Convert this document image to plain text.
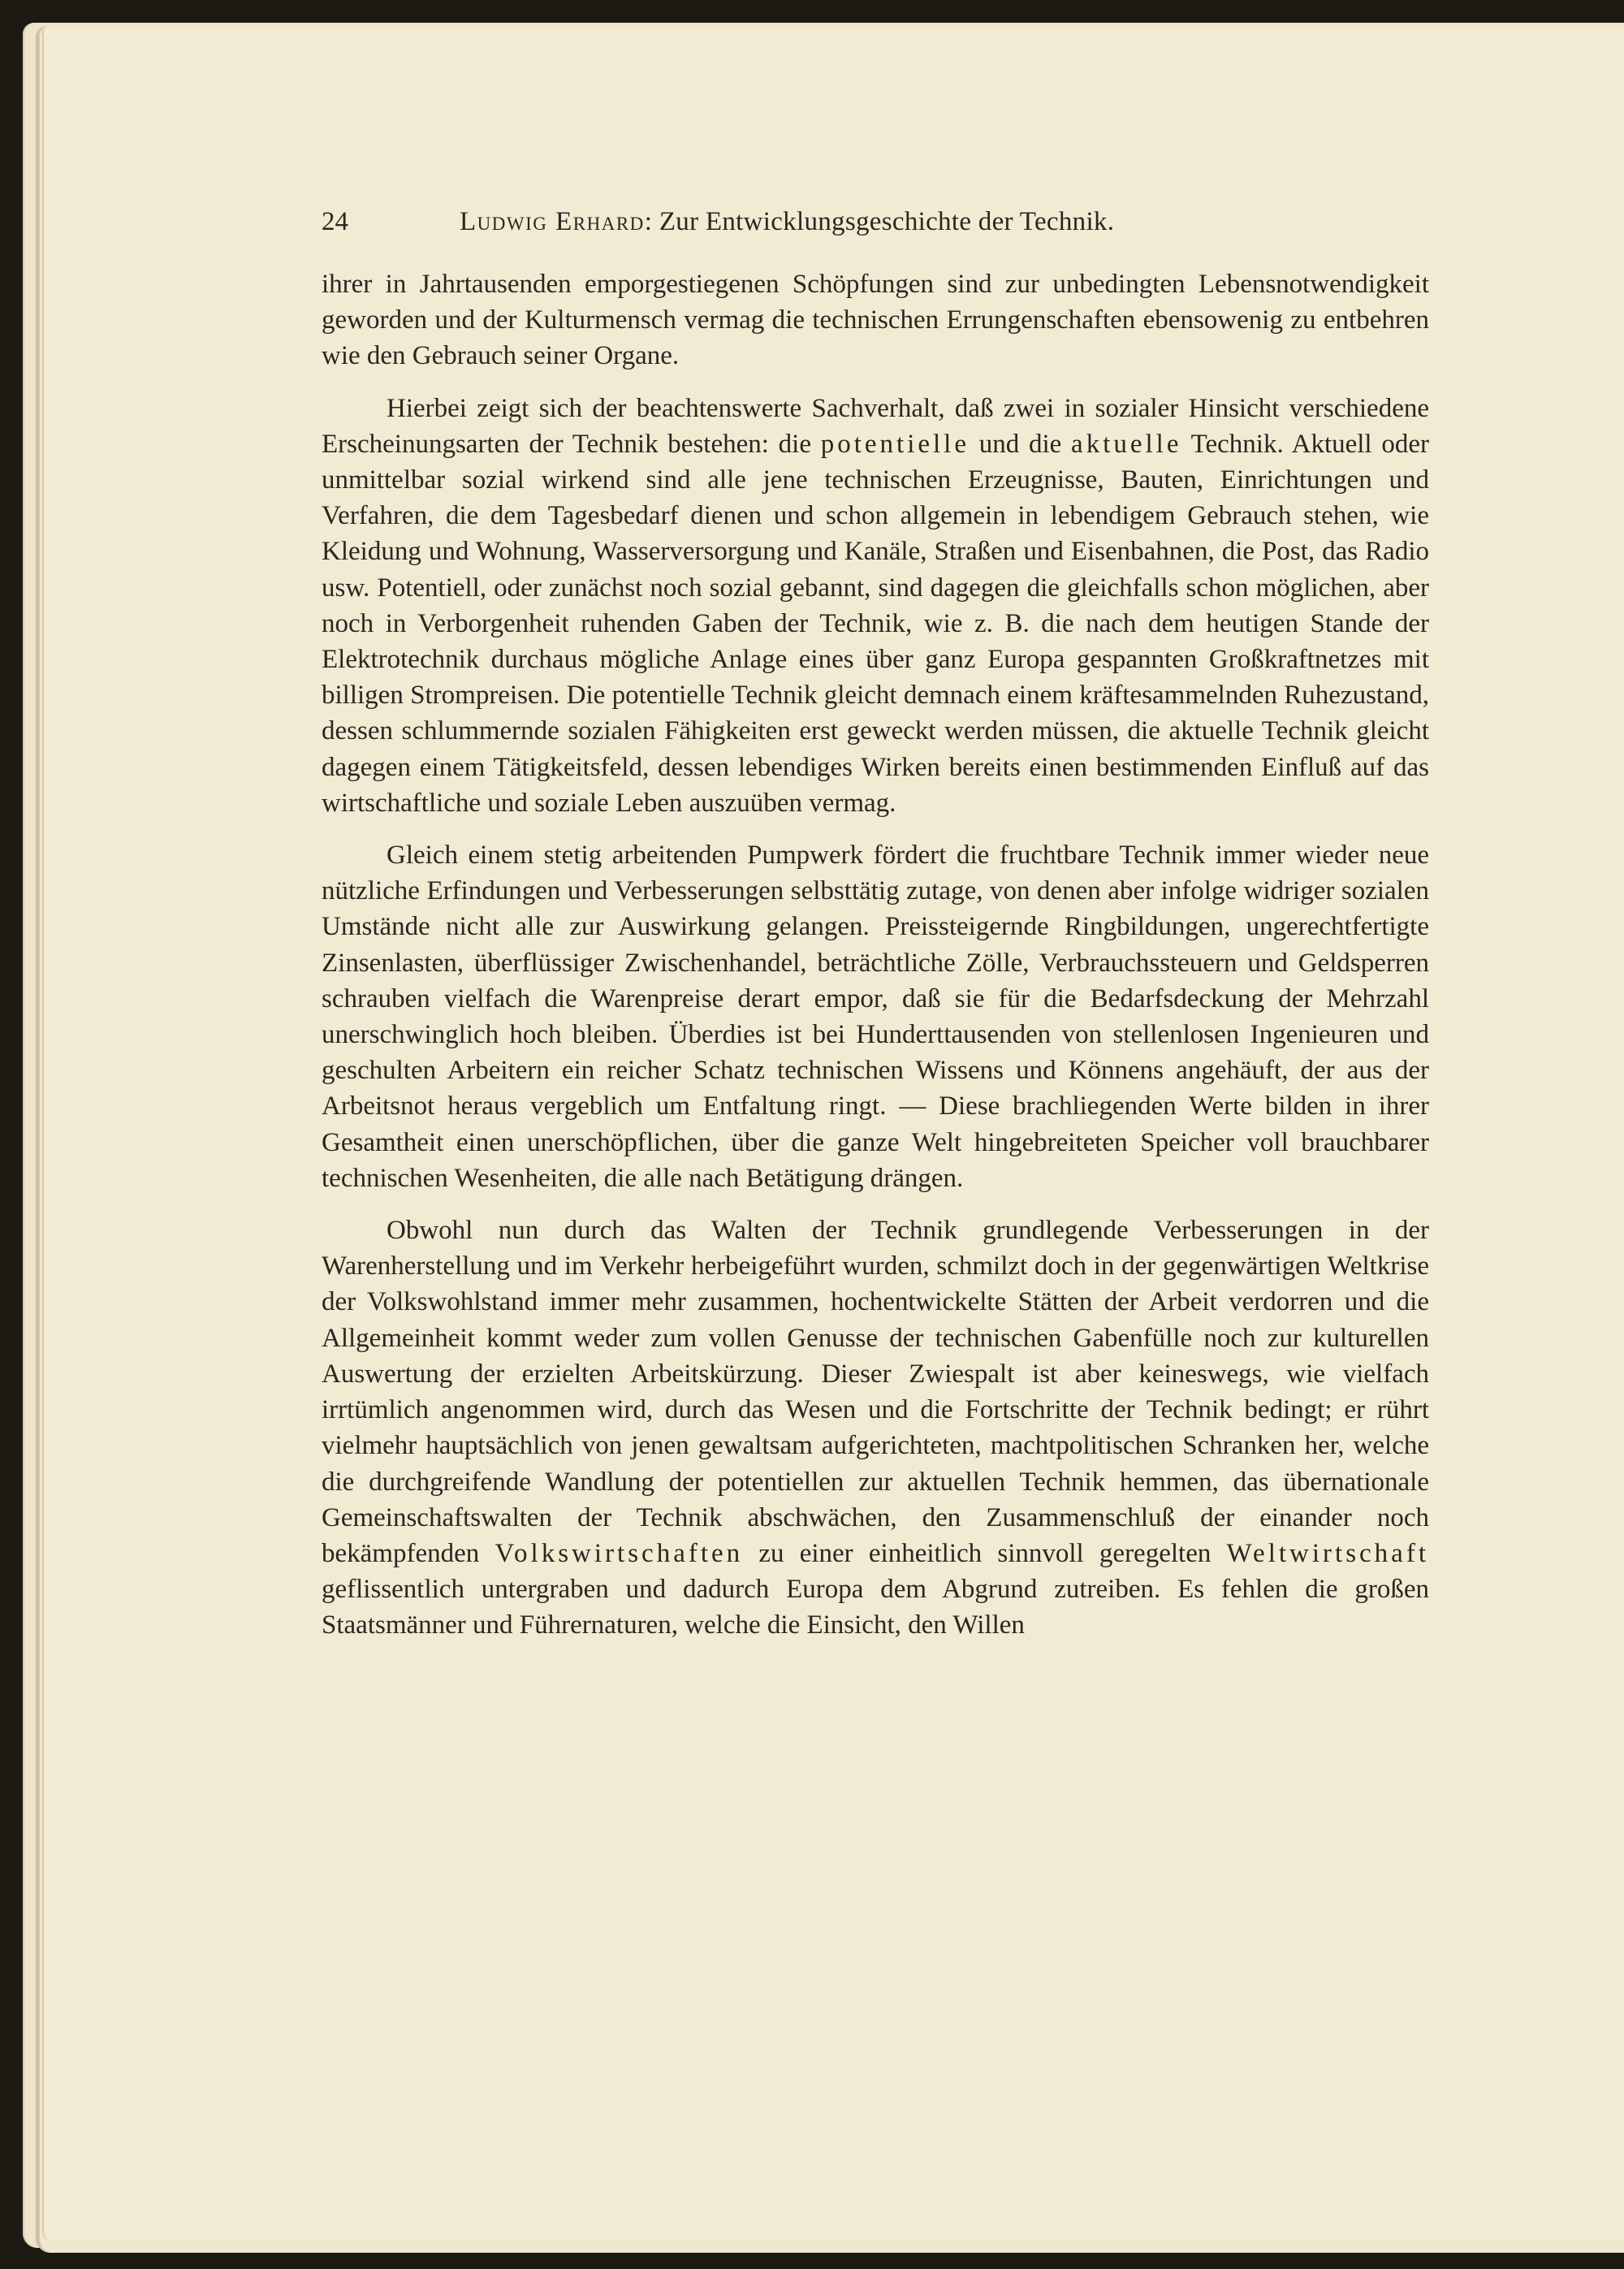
24	Ludwig Erhard: Zur Entwicklungsgeschichte der Technik.

ihrer in Jahrtausenden emporgestiegenen Schöpfungen sind zur unbedingten Lebensnotwendigkeit geworden und der Kulturmensch vermag die technischen Errungenschaften ebensowenig zu entbehren wie den Gebrauch seiner Organe.

Hierbei zeigt sich der beachtenswerte Sachverhalt, daß zwei in sozialer Hinsicht verschiedene Erscheinungsarten der Technik bestehen: die potentielle und die aktuelle Technik. Aktuell oder unmittelbar sozial wirkend sind alle jene technischen Erzeugnisse, Bauten, Einrichtungen und Verfahren, die dem Tagesbedarf dienen und schon allgemein in lebendigem Gebrauch stehen, wie Kleidung und Wohnung, Wasserversorgung und Kanäle, Straßen und Eisenbahnen, die Post, das Radio usw. Potentiell, oder zunächst noch sozial gebannt, sind dagegen die gleichfalls schon möglichen, aber noch in Verborgenheit ruhenden Gaben der Technik, wie z. B. die nach dem heutigen Stande der Elektrotechnik durchaus mögliche Anlage eines über ganz Europa gespannten Großkraftnetzes mit billigen Strompreisen. Die potentielle Technik gleicht demnach einem kräftesammelnden Ruhezustand, dessen schlummernde sozialen Fähigkeiten erst geweckt werden müssen, die aktuelle Technik gleicht dagegen einem Tätigkeitsfeld, dessen lebendiges Wirken bereits einen bestimmenden Einfluß auf das wirtschaftliche und soziale Leben auszuüben vermag.

Gleich einem stetig arbeitenden Pumpwerk fördert die fruchtbare Technik immer wieder neue nützliche Erfindungen und Verbesserungen selbsttätig zutage, von denen aber infolge widriger sozialen Umstände nicht alle zur Auswirkung gelangen. Preissteigernde Ringbildungen, ungerechtfertigte Zinsenlasten, überflüssiger Zwischenhandel, beträchtliche Zölle, Verbrauchssteuern und Geldsperren schrauben vielfach die Warenpreise derart empor, daß sie für die Bedarfsdeckung der Mehrzahl unerschwinglich hoch bleiben. Überdies ist bei Hunderttausenden von stellenlosen Ingenieuren und geschulten Arbeitern ein reicher Schatz technischen Wissens und Könnens angehäuft, der aus der Arbeitsnot heraus vergeblich um Entfaltung ringt. — Diese brachliegenden Werte bilden in ihrer Gesamtheit einen unerschöpflichen, über die ganze Welt hingebreiteten Speicher voll brauchbarer technischen Wesenheiten, die alle nach Betätigung drängen.

Obwohl nun durch das Walten der Technik grundlegende Verbesserungen in der Warenherstellung und im Verkehr herbeigeführt wurden, schmilzt doch in der gegenwärtigen Weltkrise der Volkswohlstand immer mehr zusammen, hochentwickelte Stätten der Arbeit verdorren und die Allgemeinheit kommt weder zum vollen Genusse der technischen Gabenfülle noch zur kulturellen Auswertung der erzielten Arbeitskürzung. Dieser Zwiespalt ist aber keineswegs, wie vielfach irrtümlich angenommen wird, durch das Wesen und die Fortschritte der Technik bedingt; er rührt vielmehr hauptsächlich von jenen gewaltsam aufgerichteten, machtpolitischen Schranken her, welche die durchgreifende Wandlung der potentiellen zur aktuellen Technik hemmen, das übernationale Gemeinschaftswalten der Technik abschwächen, den Zusammenschluß der einander noch bekämpfenden Volkswirtschaften zu einer einheitlich sinnvoll geregelten Weltwirtschaft geflissentlich untergraben und dadurch Europa dem Abgrund zutreiben. Es fehlen die großen Staatsmänner und Führernaturen, welche die Einsicht, den Willen
